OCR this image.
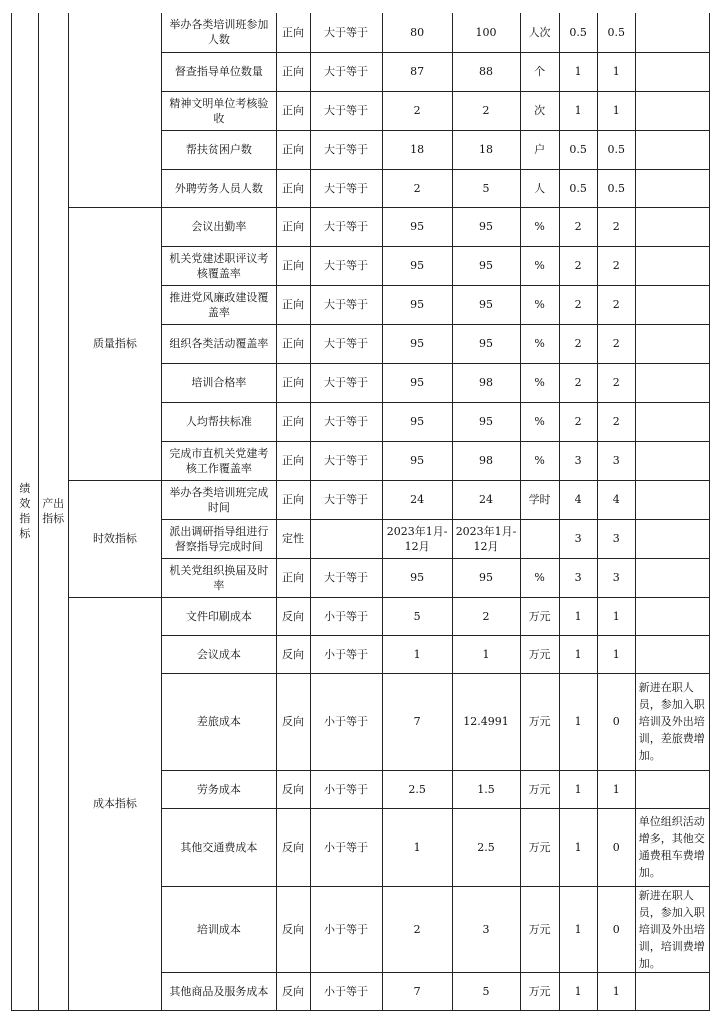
绩效指标	产出指标		举办各类培训班参加人数	正向	大于等于	80	100	人次	0.5	0.5	
			督查指导单位数量	正向	大于等于	87	88	个	1	1	
			精神文明单位考核验收	正向	大于等于	2	2	次	1	1	
			帮扶贫困户数	正向	大于等于	18	18	户	0.5	0.5	
			外聘劳务人员人数	正向	大于等于	2	5	人	0.5	0.5	
		质量指标	会议出勤率	正向	大于等于	95	95	%	2	2	
			机关党建述职评议考核覆盖率	正向	大于等于	95	95	%	2	2	
			推进党风廉政建设覆盖率	正向	大于等于	95	95	%	2	2	
			组织各类活动覆盖率	正向	大于等于	95	95	%	2	2	
			培训合格率	正向	大于等于	95	98	%	2	2	
			人均帮扶标准	正向	大于等于	95	95	%	2	2	
			完成市直机关党建考核工作覆盖率	正向	大于等于	95	98	%	3	3	
		时效指标	举办各类培训班完成时间	正向	大于等于	24	24	学时	4	4	
			派出调研指导组进行督察指导完成时间	定性		2023年1月-12月	2023年1月-12月		3	3	
			机关党组织换届及时率	正向	大于等于	95	95	%	3	3	
		成本指标	文件印刷成本	反向	小于等于	5	2	万元	1	1	
			会议成本	反向	小于等于	1	1	万元	1	1	
			差旅成本	反向	小于等于	7	12.4991	万元	1	0	新进在职人员，参加入职培训及外出培训，差旅费增加。
			劳务成本	反向	小于等于	2.5	1.5	万元	1	1	
			其他交通费成本	反向	小于等于	1	2.5	万元	1	0	单位组织活动增多，其他交通费租车费增加。
			培训成本	反向	小于等于	2	3	万元	1	0	新进在职人员，参加入职培训及外出培训，培训费增加。
			其他商品及服务成本	反向	小于等于	7	5	万元	1	1	
